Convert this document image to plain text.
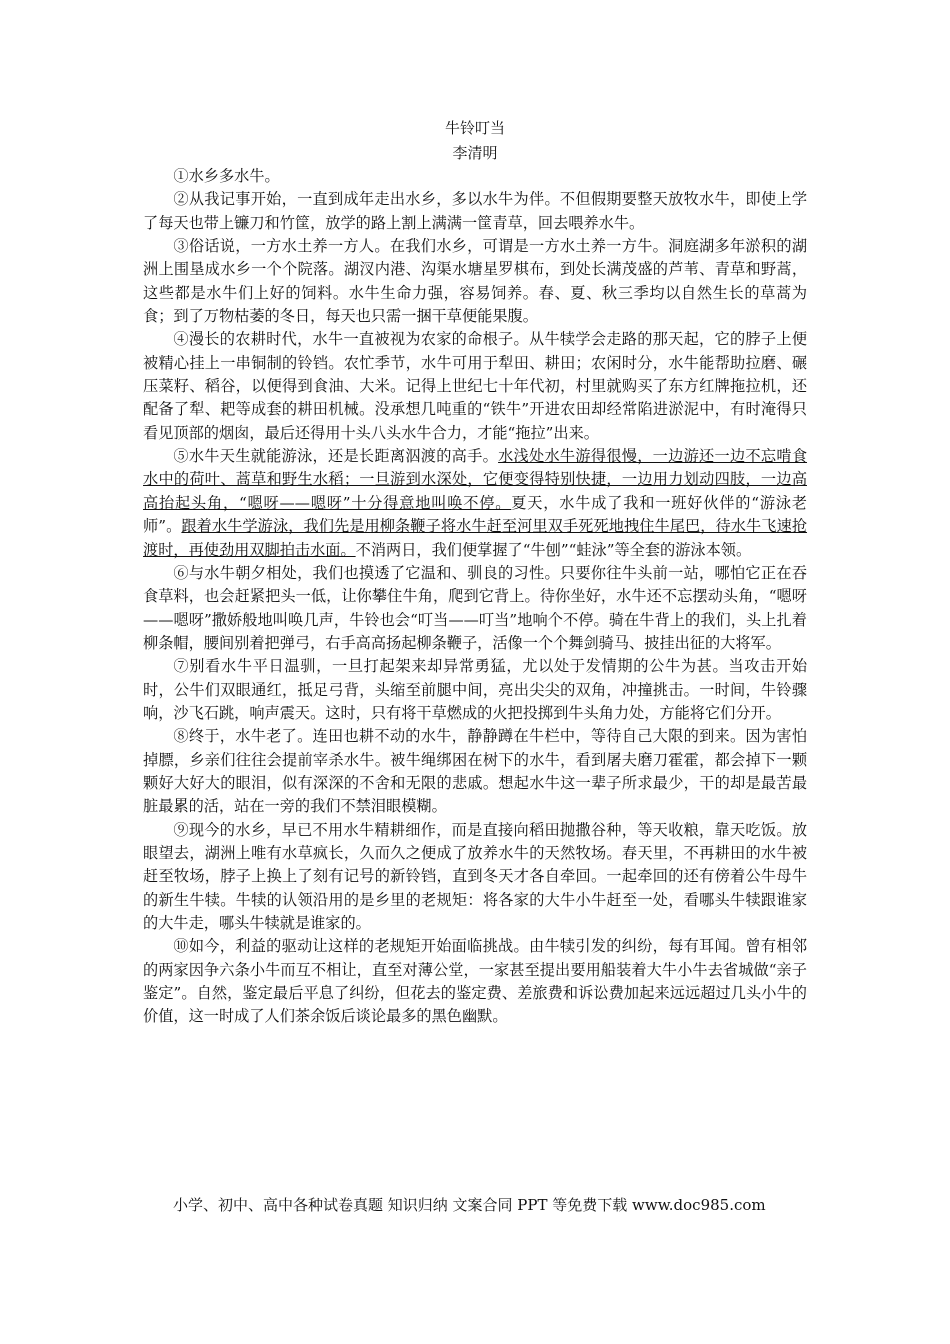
牛铃叮当
李清明

①水乡多水牛。

②从我记事开始，一直到成年走出水乡，多以水牛为伴。不但假期要整天放牧水牛，即使上学了每天也带上镰刀和竹筐，放学的路上割上满满一筐青草，回去喂养水牛。

③俗话说，一方水土养一方人。在我们水乡，可谓是一方水土养一方牛。洞庭湖多年淤积的湖洲上围垦成水乡一个个院落。湖汊内港、沟渠水塘星罗棋布，到处长满茂盛的芦苇、青草和野蒿，这些都是水牛们上好的饲料。水牛生命力强，容易饲养。春、夏、秋三季均以自然生长的草蒿为食；到了万物枯萎的冬日，每天也只需一捆干草便能果腹。

④漫长的农耕时代，水牛一直被视为农家的命根子。从牛犊学会走路的那天起，它的脖子上便被精心挂上一串铜制的铃铛。农忙季节，水牛可用于犁田、耕田；农闲时分，水牛能帮助拉磨、碾压菜籽、稻谷，以便得到食油、大米。记得上世纪七十年代初，村里就购买了东方红牌拖拉机，还配备了犁、耙等成套的耕田机械。没承想几吨重的“铁牛”开进农田却经常陷进淤泥中，有时淹得只看见顶部的烟囱，最后还得用十头八头水牛合力，才能“拖拉”出来。

⑤水牛天生就能游泳，还是长距离泅渡的高手。水浅处水牛游得很慢，一边游还一边不忘啃食水中的荷叶、蒿草和野生水稻；一旦游到水深处，它便变得特别快捷，一边用力划动四肢，一边高高抬起头角，“嗯呀——嗯呀”十分得意地叫唤不停。夏天，水牛成了我和一班好伙伴的“游泳老师”。跟着水牛学游泳，我们先是用柳条鞭子将水牛赶至河里双手死死地拽住牛尾巴，待水牛飞速抢渡时，再使劲用双脚拍击水面。不消两日，我们便掌握了“牛刨”“蛙泳”等全套的游泳本领。

⑥与水牛朝夕相处，我们也摸透了它温和、驯良的习性。只要你往牛头前一站，哪怕它正在吞食草料，也会赶紧把头一低，让你攀住牛角，爬到它背上。待你坐好，水牛还不忘摆动头角，“嗯呀——嗯呀”撒娇般地叫唤几声，牛铃也会“叮当——叮当”地响个不停。骑在牛背上的我们，头上扎着柳条帽，腰间别着把弹弓，右手高高扬起柳条鞭子，活像一个个舞剑骑马、披挂出征的大将军。

⑦别看水牛平日温驯，一旦打起架来却异常勇猛，尤以处于发情期的公牛为甚。当攻击开始时，公牛们双眼通红，抵足弓背，头缩至前腿中间，亮出尖尖的双角，冲撞挑击。一时间，牛铃骤响，沙飞石跳，响声震天。这时，只有将干草燃成的火把投掷到牛头角力处，方能将它们分开。

⑧终于，水牛老了。连田也耕不动的水牛，静静蹲在牛栏中，等待自己大限的到来。因为害怕掉膘，乡亲们往往会提前宰杀水牛。被牛绳绑困在树下的水牛，看到屠夫磨刀霍霍，都会掉下一颗颗好大好大的眼泪，似有深深的不舍和无限的悲戚。想起水牛这一辈子所求最少，干的却是最苦最脏最累的活，站在一旁的我们不禁泪眼模糊。

⑨现今的水乡，早已不用水牛精耕细作，而是直接向稻田抛撒谷种，等天收粮，靠天吃饭。放眼望去，湖洲上唯有水草疯长，久而久之便成了放养水牛的天然牧场。春天里，不再耕田的水牛被赶至牧场，脖子上换上了刻有记号的新铃铛，直到冬天才各自牵回。一起牵回的还有傍着公牛母牛的新生牛犊。牛犊的认领沿用的是乡里的老规矩：将各家的大牛小牛赶至一处，看哪头牛犊跟谁家的大牛走，哪头牛犊就是谁家的。

⑩如今，利益的驱动让这样的老规矩开始面临挑战。由牛犊引发的纠纷，每有耳闻。曾有相邻的两家因争六条小牛而互不相让，直至对薄公堂，一家甚至提出要用船装着大牛小牛去省城做“亲子鉴定”。自然，鉴定最后平息了纠纷，但花去的鉴定费、差旅费和诉讼费加起来远远超过几头小牛的价值，这一时成了人们茶余饭后谈论最多的黑色幽默。

小学、初中、高中各种试卷真题 知识归纳 文案合同 PPT 等免费下载 www.doc985.com
